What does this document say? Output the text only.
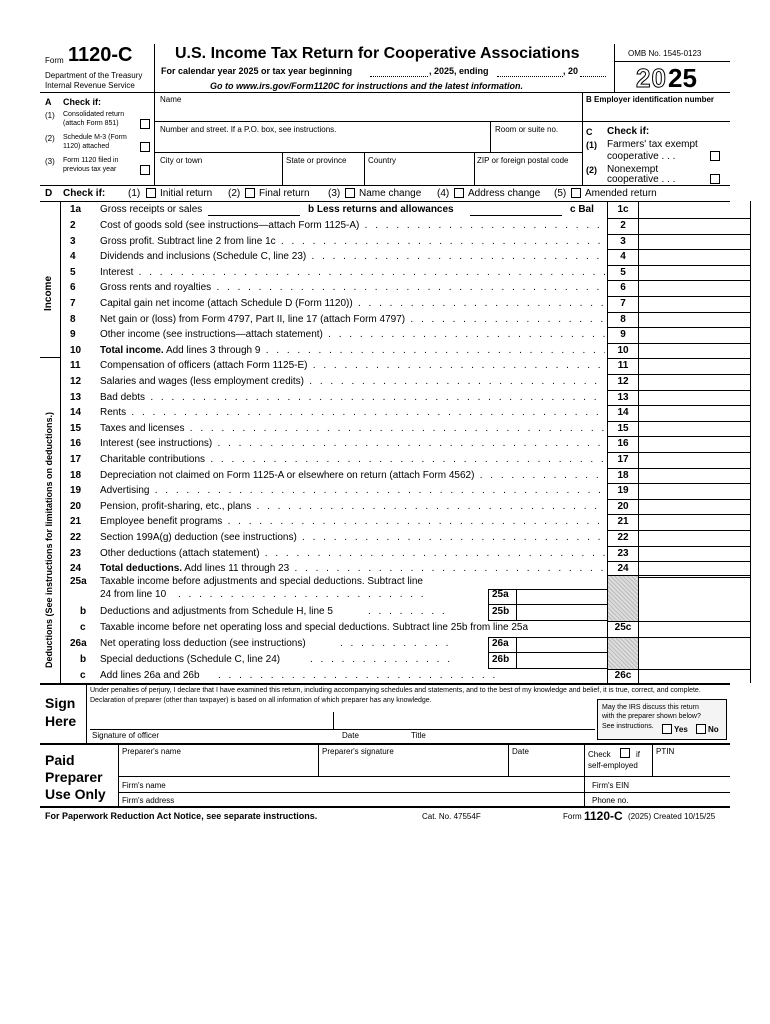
Form 1120-C
Department of the Treasury
Internal Revenue Service
U.S. Income Tax Return for Cooperative Associations
For calendar year 2025 or tax year beginning	, 2025, ending	, 20
Go to www.irs.gov/Form1120C for instructions and the latest information.
OMB No. 1545-0123
20 25
A Check if:
(1) Consolidated return
(attach Form 851)
(2) Schedule M-3 (Form
1120) attached
(3) Form 1120 filed in
previous tax year
Name	B Employer identification number
Number and street. If a P.O. box, see instructions.	Room or suite no.
City or town	State or province	Country	ZIP or foreign postal code
C Check if:
(1) Farmers' tax exempt
cooperative . . .
(2) Nonexempt
cooperative . . .
D Check if: (1) Initial return (2) Final return (3) Name change (4) Address change (5) Amended return
Income
Deductions (See instructions for limitations on deductions.)
1a Gross receipts or sales	b Less returns and allowances	c Bal	1c
2 Cost of goods sold (see instructions—attach Form 1125-A) . . .	2
3 Gross profit. Subtract line 2 from line 1c . . .	3
4 Dividends and inclusions (Schedule C, line 23) . . .	4
5 Interest . . .	5
6 Gross rents and royalties . . .	6
7 Capital gain net income (attach Schedule D (Form 1120)) . . .	7
8 Net gain or (loss) from Form 4797, Part II, line 17 (attach Form 4797) . . .	8
9 Other income (see instructions—attach statement) . . .	9
10 Total income. Add lines 3 through 9 . . .	10
11 Compensation of officers (attach Form 1125-E) . . .	11
12 Salaries and wages (less employment credits) . . .	12
13 Bad debts . . .	13
14 Rents . . .	14
15 Taxes and licenses . . .	15
16 Interest (see instructions) . . .	16
17 Charitable contributions . . .	17
18 Depreciation not claimed on Form 1125-A or elsewhere on return (attach Form 4562) . . .	18
19 Advertising . . .	19
20 Pension, profit-sharing, etc., plans . . .	20
21 Employee benefit programs . . .	21
22 Section 199A(g) deduction (see instructions) . . .	22
23 Other deductions (attach statement) . . .	23
24 Total deductions. Add lines 11 through 23 . . .	24
25a Taxable income before adjustments and special deductions. Subtract line
24 from line 10 . . . . . . . . . . . . . . . . . . . . . . . .	25a
b Deductions and adjustments from Schedule H, line 5	. . . . . . . .	25b
c Taxable income before net operating loss and special deductions. Subtract line 25b from line 25a	25c
26a Net operating loss deduction (see instructions)	. . . . . . . . . . .	26a
b Special deductions (Schedule C, line 24)	. . . . . . . . . . . . . .	26b
c Add lines 26a and 26b . . . . . . . . . . . . . . . . . . . . . . . . . . .	26c
Sign
Here
Under penalties of perjury, I declare that I have examined this return, including accompanying schedules and statements, and to the best of my knowledge and belief, it is true, correct, and complete. Declaration of preparer (other than taxpayer) is based on all information of which preparer has any knowledge.
Signature of officer	Date	Title
May the IRS discuss this return
with the preparer shown below?
See instructions.	Yes	No
Paid
Preparer
Use Only
Preparer's name	Preparer's signature	Date	Check	if
self-employed
PTIN
Firm's name	Firm's EIN
Firm's address	Phone no.
For Paperwork Reduction Act Notice, see separate instructions.	Cat. No. 47554F	Form 1120-C (2025) Created 10/15/25
